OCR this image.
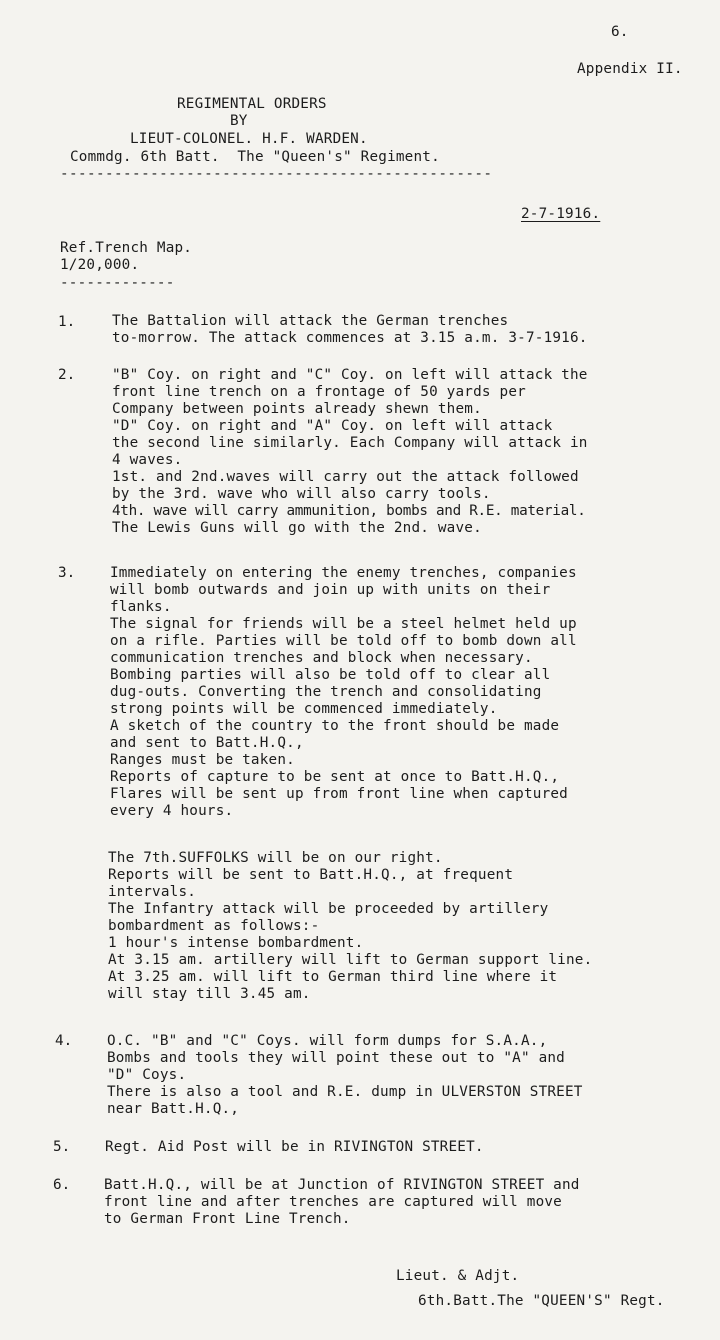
6.
Appendix II.
REGIMENTAL ORDERS
BY
LIEUT-COLONEL. H.F. WARDEN.
Commdg. 6th Batt.  The "Queen's" Regiment.
------------------------------------------------
2-7-1916.
Ref.Trench Map.
1/20,000.
-------------
1.	The Battalion will attack the German trenches
to-morrow. The attack commences at 3.15 a.m. 3-7-1916.
2.	"B" Coy. on right and "C" Coy. on left will attack the
front line trench on a frontage of 50 yards per
Company between points already shewn them.
"D" Coy. on right and "A" Coy. on left will attack
the second line similarly. Each Company will attack in
4 waves.
1st. and 2nd.waves will carry out the attack followed
by the 3rd. wave who will also carry tools.
4th. wave will carry ammunition, bombs and R.E. material.
The Lewis Guns will go with the 2nd. wave.
3. Immediately on entering the enemy trenches, companies
will bomb outwards and join up with units on their
flanks.
The signal for friends will be a steel helmet held up
on a rifle. Parties will be told off to bomb down all
communication trenches and block when necessary.
Bombing parties will also be told off to clear all
dug-outs. Converting the trench and consolidating
strong points will be commenced immediately.
A sketch of the country to the front should be made
and sent to Batt.H.Q.,
Ranges must be taken.
Reports of capture to be sent at once to Batt.H.Q.,
Flares will be sent up from front line when captured
every 4 hours.
The 7th.SUFFOLKS will be on our right.
Reports will be sent to Batt.H.Q., at frequent
intervals.
The Infantry attack will be proceeded by artillery
bombardment as follows:-
1 hour's intense bombardment.
At 3.15 am. artillery will lift to German support line.
At 3.25 am. will lift to German third line where it
will stay till 3.45 am.
4. O.C. "B" and "C" Coys. will form dumps for S.A.A.,
Bombs and tools they will point these out to "A" and
"D" Coys.
There is also a tool and R.E. dump in ULVERSTON STREET
near Batt.H.Q.,
5. Regt. Aid Post will be in RIVINGTON STREET.
6. Batt.H.Q., will be at Junction of RIVINGTON STREET and
front line and after trenches are captured will move
to German Front Line Trench.
Lieut. & Adjt.
6th.Batt.The "QUEEN'S" Regt.
